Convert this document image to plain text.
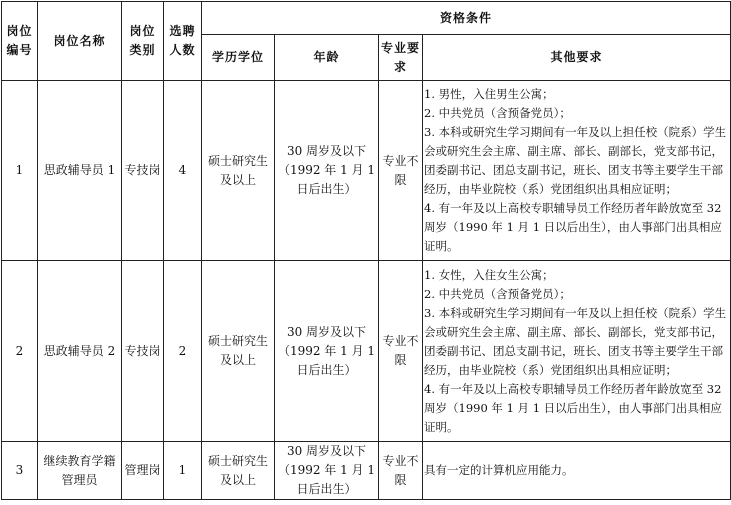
岗位编号	岗位名称	岗位类别	选聘人数	资格条件			
				学历学位	年龄	专业要求	其他要求
1	思政辅导员 1	专技岗	4	硕士研究生及以上	30 周岁及以下（1992 年 1 月 1 日后出生）	专业不限	1. 男性，入住男生公寓；
2. 中共党员（含预备党员）；
3. 本科或研究生学习期间有一年及以上担任校（院系）学生会或研究生会主席、副主席、部长、副部长，党支部书记，团委副书记、团总支副书记，班长、团支书等主要学生干部经历，由毕业院校（系）党团组织出具相应证明；
4. 有一年及以上高校专职辅导员工作经历者年龄放宽至 32 周岁（1990 年 1 月 1 日以后出生），由人事部门出具相应证明。

2	思政辅导员 2	专技岗	2	硕士研究生及以上	30 周岁及以下（1992 年 1 月 1 日后出生）	专业不限	1. 女性，入住女生公寓；
2. 中共党员（含预备党员）；
3. 本科或研究生学习期间有一年及以上担任校（院系）学生会或研究生会主席、副主席、部长、副部长，党支部书记，团委副书记、团总支副书记，班长、团支书等主要学生干部经历，由毕业院校（系）党团组织出具相应证明；
4. 有一年及以上高校专职辅导员工作经历者年龄放宽至 32 周岁（1990 年 1 月 1 日以后出生），由人事部门出具相应证明。

3	继续教育学籍管理员	管理岗	1	硕士研究生及以上	30 周岁及以下（1992 年 1 月 1 日后出生）	专业不限	具有一定的计算机应用能力。
